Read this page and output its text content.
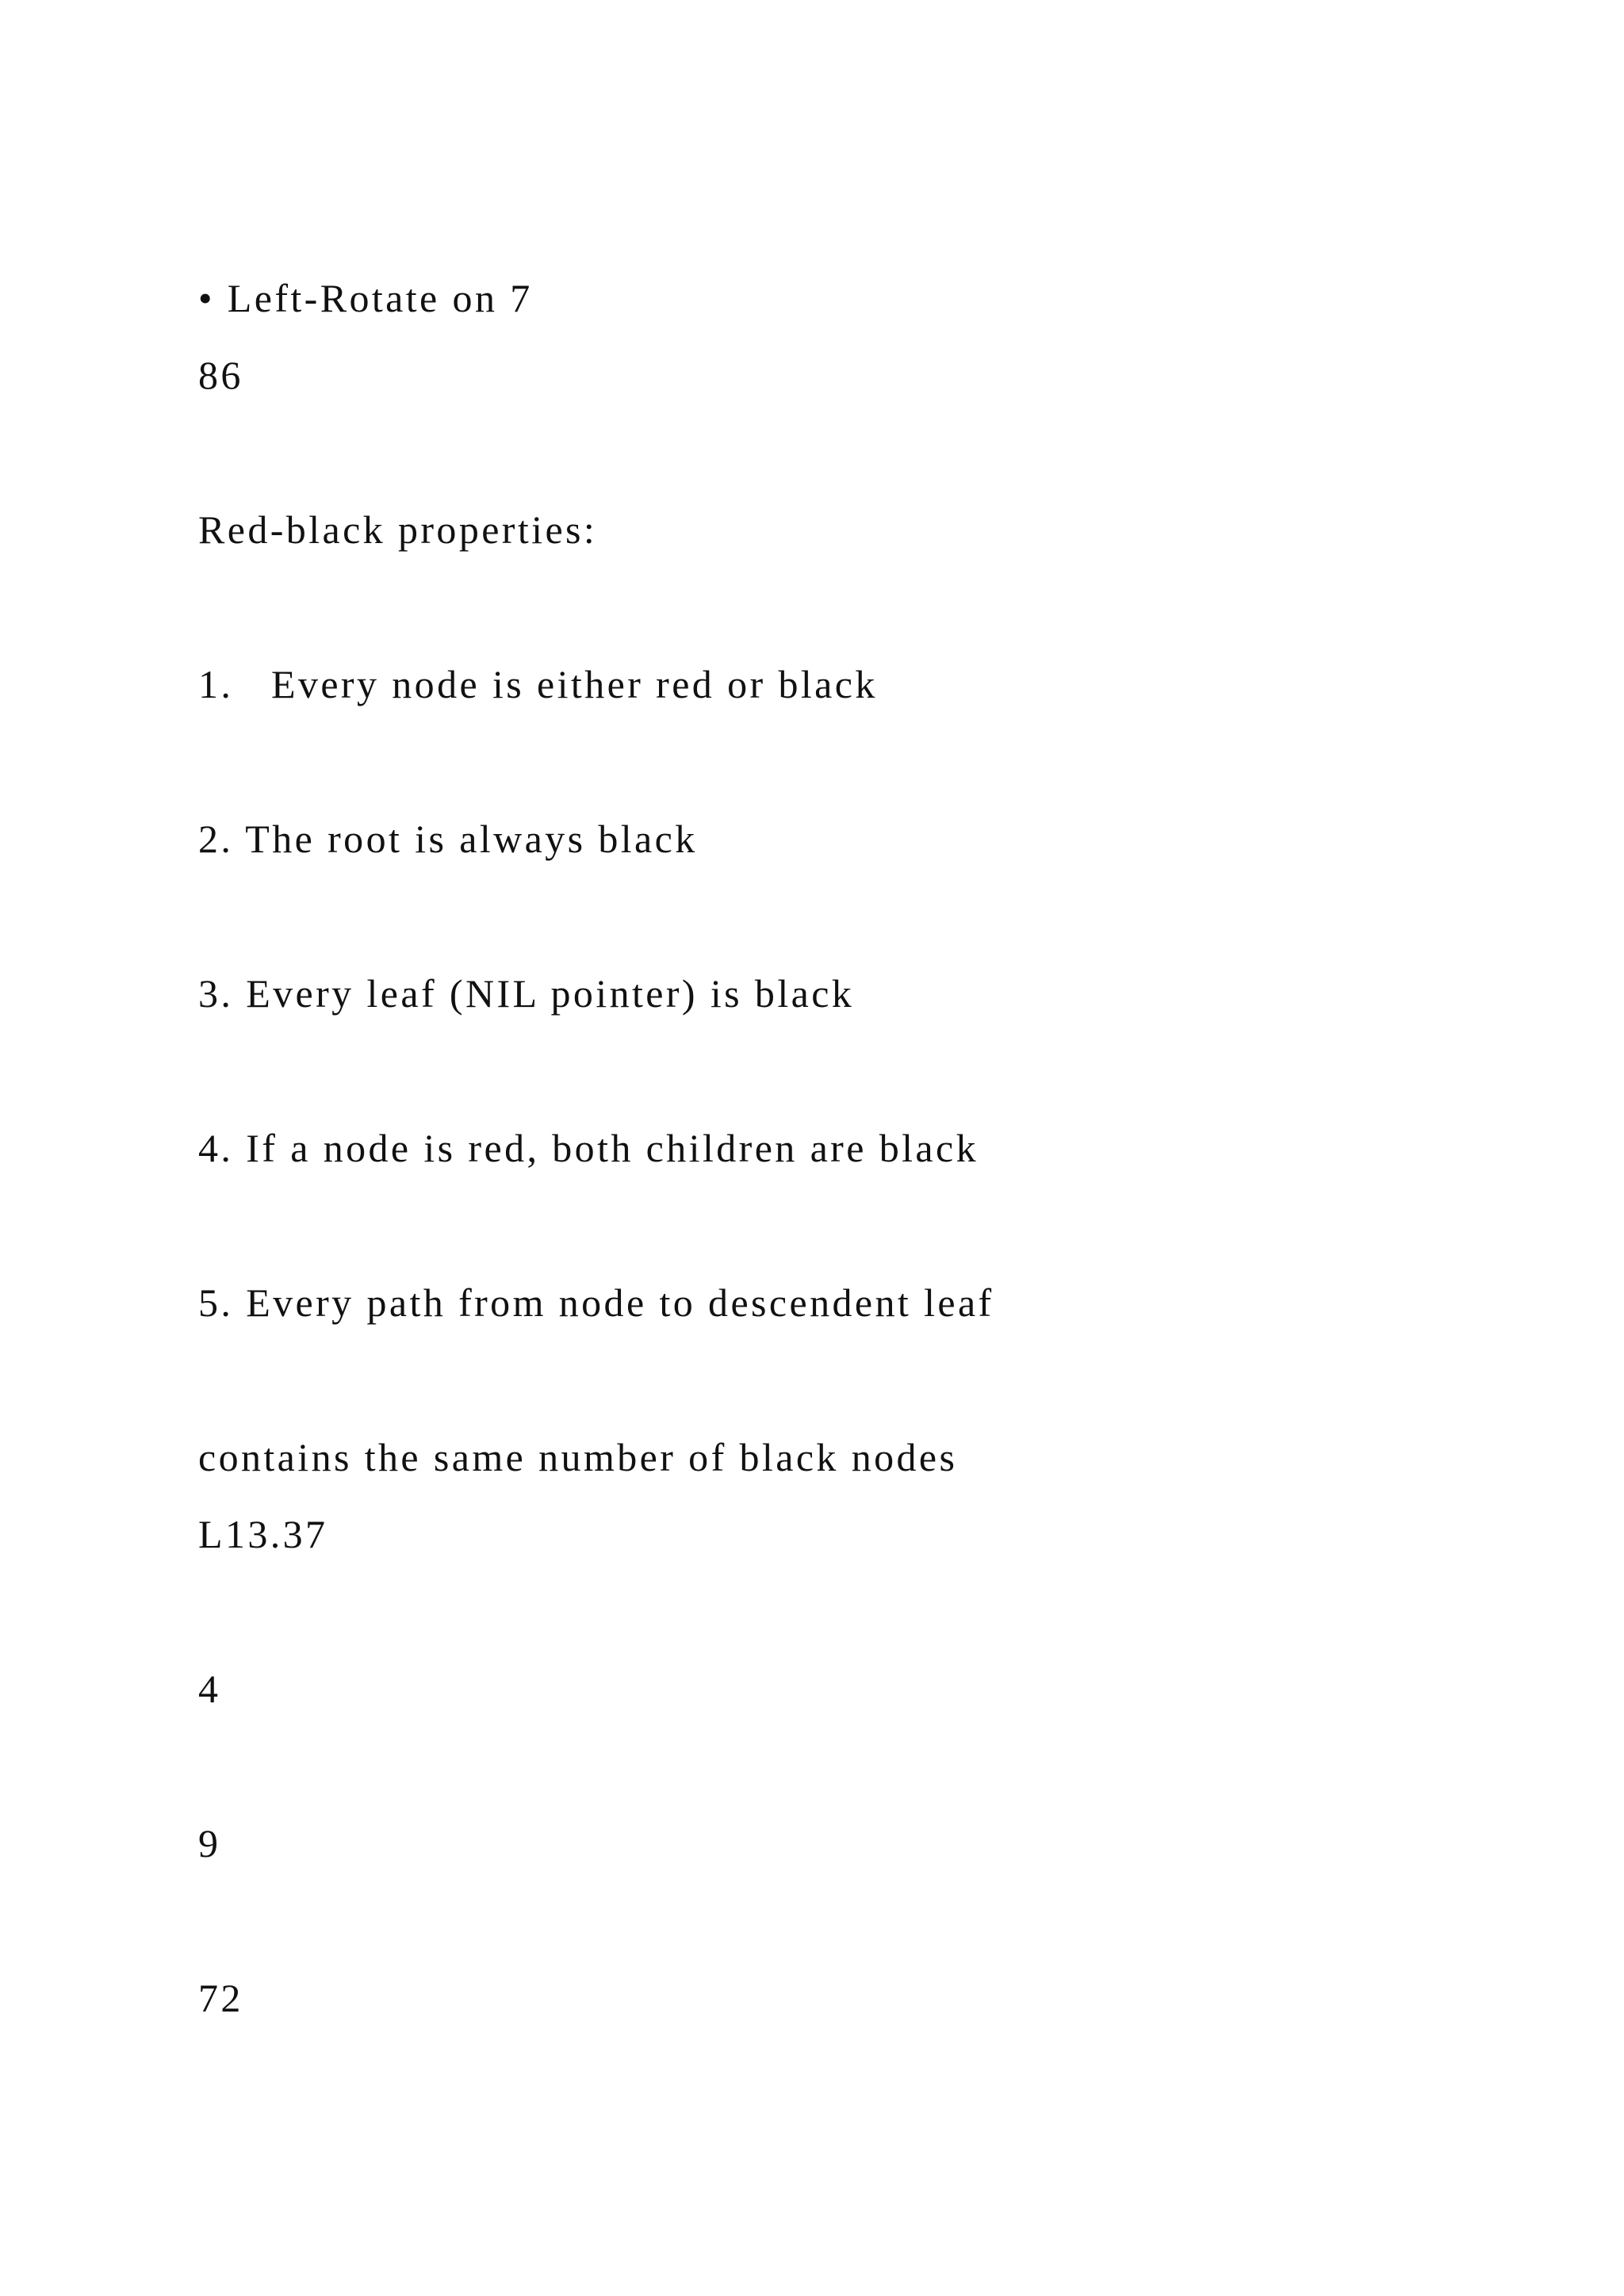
• Left-Rotate on 7

86

Red-black properties:

1.   Every node is either red or black

2. The root is always black

3. Every leaf (NIL pointer) is black

4. If a node is red, both children are black

5. Every path from node to descendent leaf

contains the same number of black nodes

L13.37

4

9

72
